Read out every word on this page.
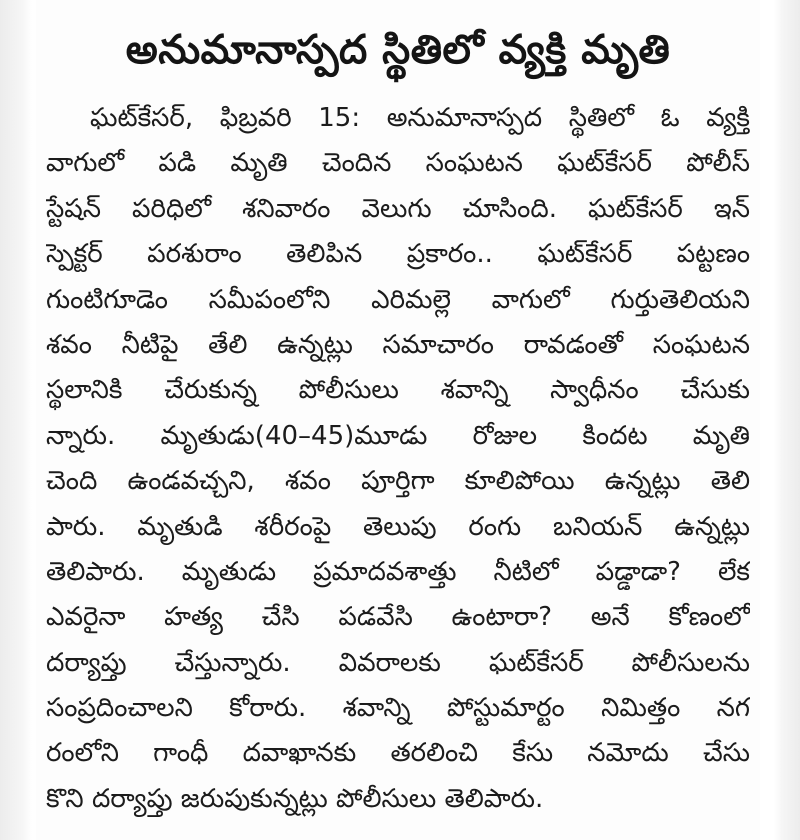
అనుమానాస్పద స్థితిలో వ్యక్తి మృతి
ఘట్‌కేసర్, ఫిబ్రవరి 15: అనుమానాస్పద స్థితిలో ఓ వ్యక్తి
వాగులో పడి మృతి చెందిన సంఘటన ఘట్‌కేసర్ పోలీస్
స్టేషన్ పరిధిలో శనివారం వెలుగు చూసింది. ఘట్‌కేసర్ ఇన్
స్పెక్టర్ పరశురాం తెలిపిన ప్రకారం.. ఘట్‌కేసర్ పట్టణం
గుంటిగూడెం సమీపంలోని ఎరిమల్లె వాగులో గుర్తుతెలియని
శవం నీటిపై తేలి ఉన్నట్లు సమాచారం రావడంతో సంఘటన
స్థలానికి చేరుకున్న పోలీసులు శవాన్ని స్వాధీనం చేసుకు
న్నారు. మృతుడు(40–45)మూడు రోజుల కిందట మృతి
చెంది ఉండవచ్చని, శవం పూర్తిగా కూలిపోయి ఉన్నట్లు తెలి
పారు. మృతుడి శరీరంపై తెలుపు రంగు బనియన్ ఉన్నట్లు
తెలిపారు. మృతుడు ప్రమాదవశాత్తు నీటిలో పడ్డాడా? లేక
ఎవరైనా హత్య చేసి పడవేసి ఉంటారా? అనే కోణంలో
దర్యాప్తు చేస్తున్నారు. వివరాలకు ఘట్‌కేసర్ పోలీసులను
సంప్రదించాలని కోరారు. శవాన్ని పోస్టుమార్టం నిమిత్తం నగ
రంలోని గాంధీ దవాఖానకు తరలించి కేసు నమోదు చేసు
కొని దర్యాప్తు జరుపుకున్నట్లు పోలీసులు తెలిపారు.
